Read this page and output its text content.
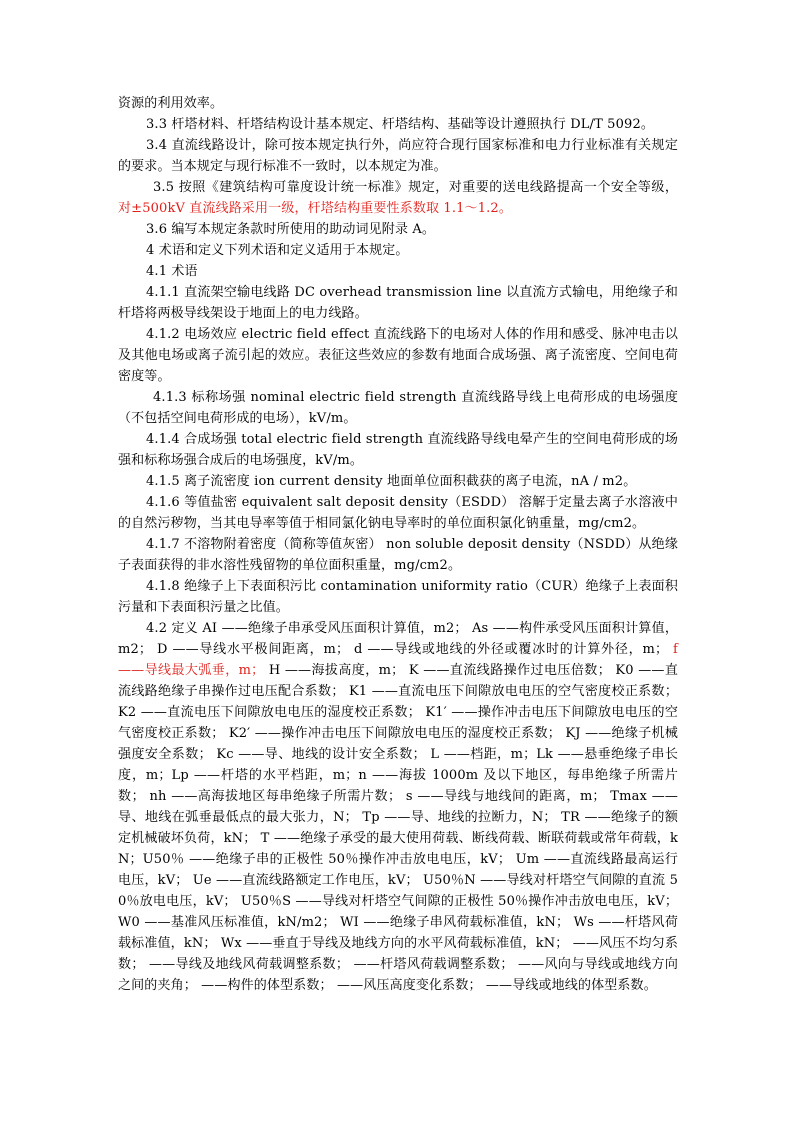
资源的利用效率。

3.3 杆塔材料、杆塔结构设计基本规定、杆塔结构、基础等设计遵照执行 DL/T 5092。

3.4 直流线路设计，除可按本规定执行外，尚应符合现行国家标准和电力行业标准有关规定的要求。当本规定与现行标准不一致时，以本规定为准。

3.5 按照《建筑结构可靠度设计统一标准》规定，对重要的送电线路提高一个安全等级，对±500kV 直流线路采用一级，杆塔结构重要性系数取 1.1～1.2。

3.6 编写本规定条款时所使用的助动词见附录 A。

4 术语和定义下列术语和定义适用于本规定。

4.1 术语

4.1.1 直流架空输电线路 DC overhead transmission line 以直流方式输电，用绝缘子和杆塔将两极导线架设于地面上的电力线路。

4.1.2 电场效应 electric field effect 直流线路下的电场对人体的作用和感受、脉冲电击以及其他电场或离子流引起的效应。表征这些效应的参数有地面合成场强、离子流密度、空间电荷密度等。

4.1.3 标称场强 nominal electric field strength 直流线路导线上电荷形成的电场强度（不包括空间电荷形成的电场），kV/m。

4.1.4 合成场强 total electric field strength 直流线路导线电晕产生的空间电荷形成的场强和标称场强合成后的电场强度，kV/m。

4.1.5 离子流密度 ion current density 地面单位面积截获的离子电流，nA / m2。

4.1.6 等值盐密 equivalent salt deposit density（ESDD） 溶解于定量去离子水溶液中的自然污秽物，当其电导率等值于相同氯化钠电导率时的单位面积氯化钠重量，mg/cm2。

4.1.7 不溶物附着密度（简称等值灰密） non soluble deposit density（NSDD）从绝缘子表面获得的非水溶性残留物的单位面积重量，mg/cm2。

4.1.8 绝缘子上下表面积污比 contamination uniformity ratio（CUR）绝缘子上表面积污量和下表面积污量之比值。

4.2 定义 AI ——绝缘子串承受风压面积计算值，m2； As ——构件承受风压面积计算值，m2； D ——导线水平极间距离，m； d ——导线或地线的外径或覆冰时的计算外径，m； f ——导线最大弧垂，m； H ——海拔高度，m； K ——直流线路操作过电压倍数； K0 ——直流线路绝缘子串操作过电压配合系数； K1 ——直流电压下间隙放电电压的空气密度校正系数； K2 ——直流电压下间隙放电电压的湿度校正系数； K1′ ——操作冲击电压下间隙放电电压的空气密度校正系数； K2′ ——操作冲击电压下间隙放电电压的湿度校正系数； KJ ——绝缘子机械强度安全系数； Kc ——导、地线的设计安全系数； L ——档距，m；Lk ——悬垂绝缘子串长度，m；Lp ——杆塔的水平档距，m；n ——海拔 1000m 及以下地区，每串绝缘子所需片数； nh ——高海拔地区每串绝缘子所需片数； s ——导线与地线间的距离，m； Tmax ——导、地线在弧垂最低点的最大张力，N； Tp ——导、地线的拉断力，N； TR ——绝缘子的额定机械破坏负荷，kN； T ——绝缘子承受的最大使用荷载、断线荷载、断联荷载或常年荷载，kN；U50％ ——绝缘子串的正极性 50％操作冲击放电电压，kV； Um ——直流线路最高运行电压，kV； Ue ——直流线路额定工作电压，kV； U50％N ——导线对杆塔空气间隙的直流 50％放电电压，kV； U50％S ——导线对杆塔空气间隙的正极性 50％操作冲击放电电压，kV； W0 ——基准风压标准值，kN/m2； WI ——绝缘子串风荷载标准值，kN； Ws ——杆塔风荷载标准值，kN； Wx ——垂直于导线及地线方向的水平风荷载标准值，kN； ——风压不均匀系数； ——导线及地线风荷载调整系数； ——杆塔风荷载调整系数； ——风向与导线或地线方向之间的夹角； ——构件的体型系数； ——风压高度变化系数； ——导线或地线的体型系数。
